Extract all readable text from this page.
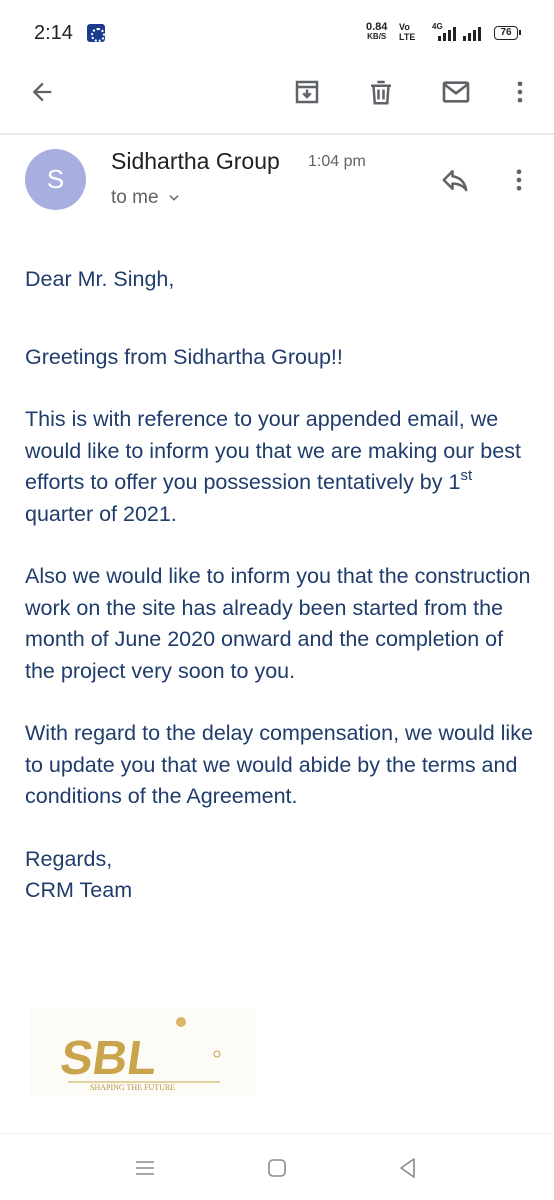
2:14	0.84
KB/S
Vo
LTE
4G
76
S
Sidhartha Group 1:04 pm
to me

Dear Mr. Singh,

Greetings from Sidhartha Group!!

This is with reference to your appended email, we would like to inform you that we are making our best efforts to offer you possession tentatively by 1st quarter of 2021.

Also we would like to inform you that the construction work on the site has already been started from the month of June 2020 onward and the completion of the project very soon to you.

With regard to the delay compensation, we would like to update you that we would abide by the terms and conditions of the Agreement.

Regards,

CRM Team

SBL
SHAPING THE FUTURE
